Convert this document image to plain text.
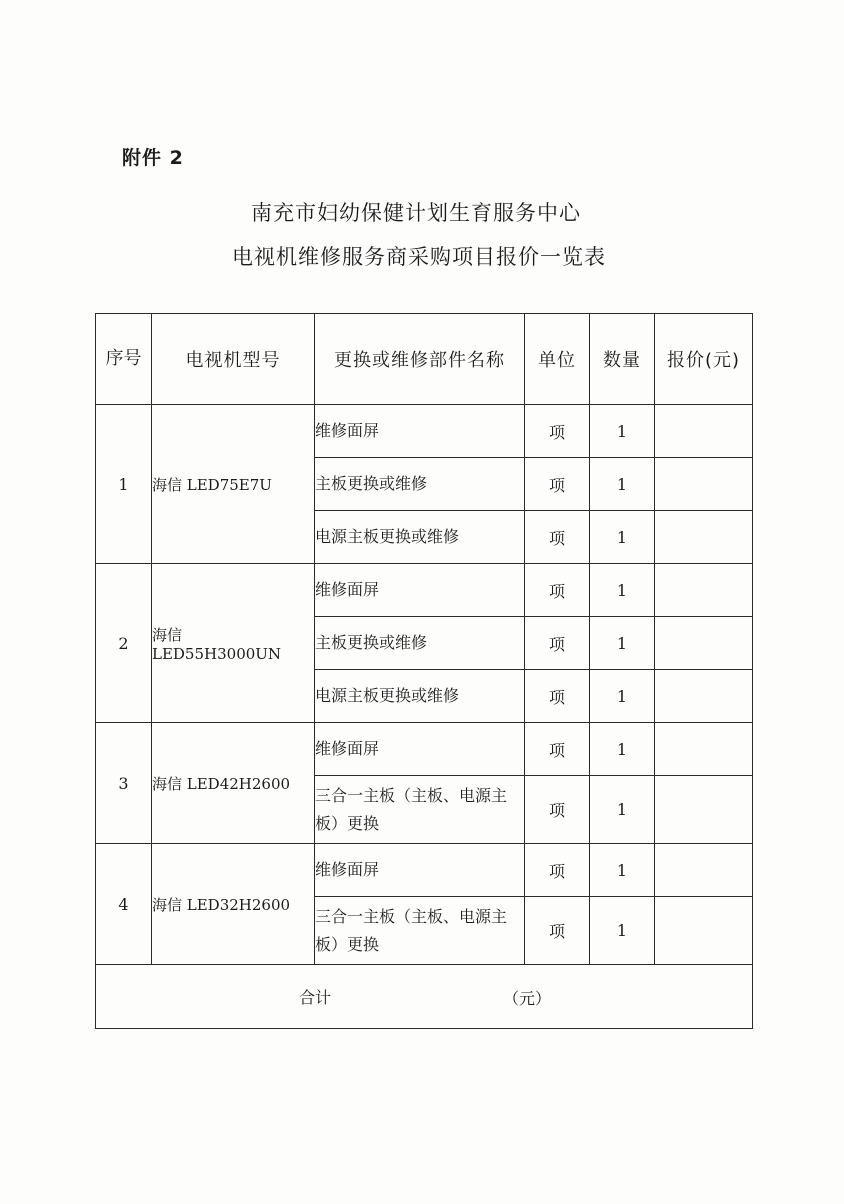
附件 2
南充市妇幼保健计划生育服务中心
电视机维修服务商采购项目报价一览表
序号	电视机型号	更换或维修部件名称	单位	数量	报价(元)
1	海信 LED75E7U	维修面屏	项	1	
		主板更换或维修	项	1	
		电源主板更换或维修	项	1	
2	海信 LED55H3000UN	维修面屏	项	1	
		主板更换或维修	项	1	
		电源主板更换或维修	项	1	
3	海信 LED42H2600	维修面屏	项	1	
		三合一主板（主板、电源主板）更换	项	1	
4	海信 LED32H2600	维修面屏	项	1	
		三合一主板（主板、电源主板）更换	项	1	

合计 （元）					
